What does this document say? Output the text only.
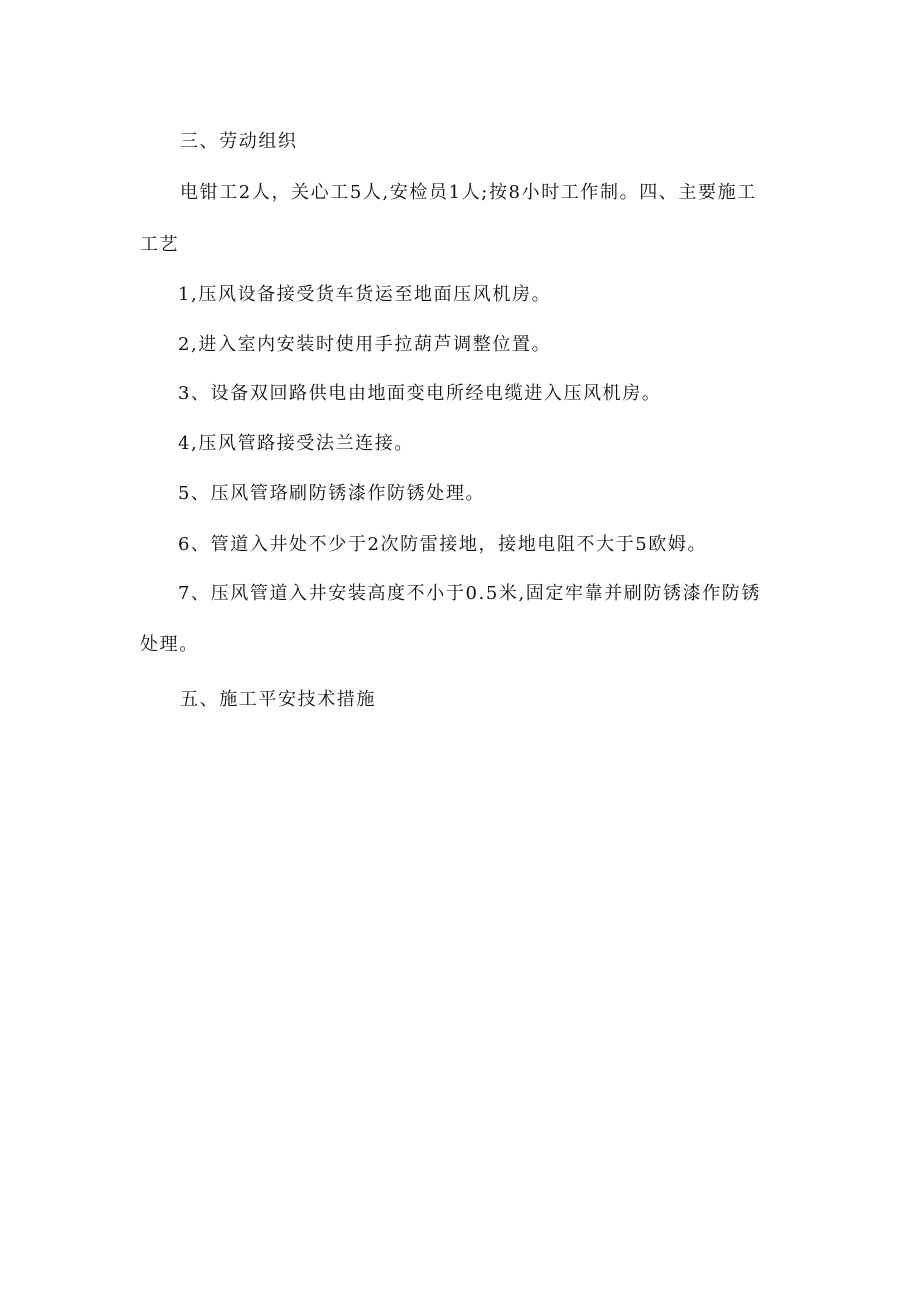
三、劳动组织
电钳工2人，关心工5人,安检员1人;按8小时工作制。四、主要施工
工艺
1,压风设备接受货车货运至地面压风机房。
2,进入室内安装时使用手拉葫芦调整位置。
3、设备双回路供电由地面变电所经电缆进入压风机房。
4,压风管路接受法兰连接。
5、压风管珞刷防锈漆作防锈处理。
6、管道入井处不少于2次防雷接地，接地电阻不大于5欧姆。
7、压风管道入井安装高度不小于0.5米,固定牢靠并刷防锈漆作防锈
处理。
五、施工平安技术措施
